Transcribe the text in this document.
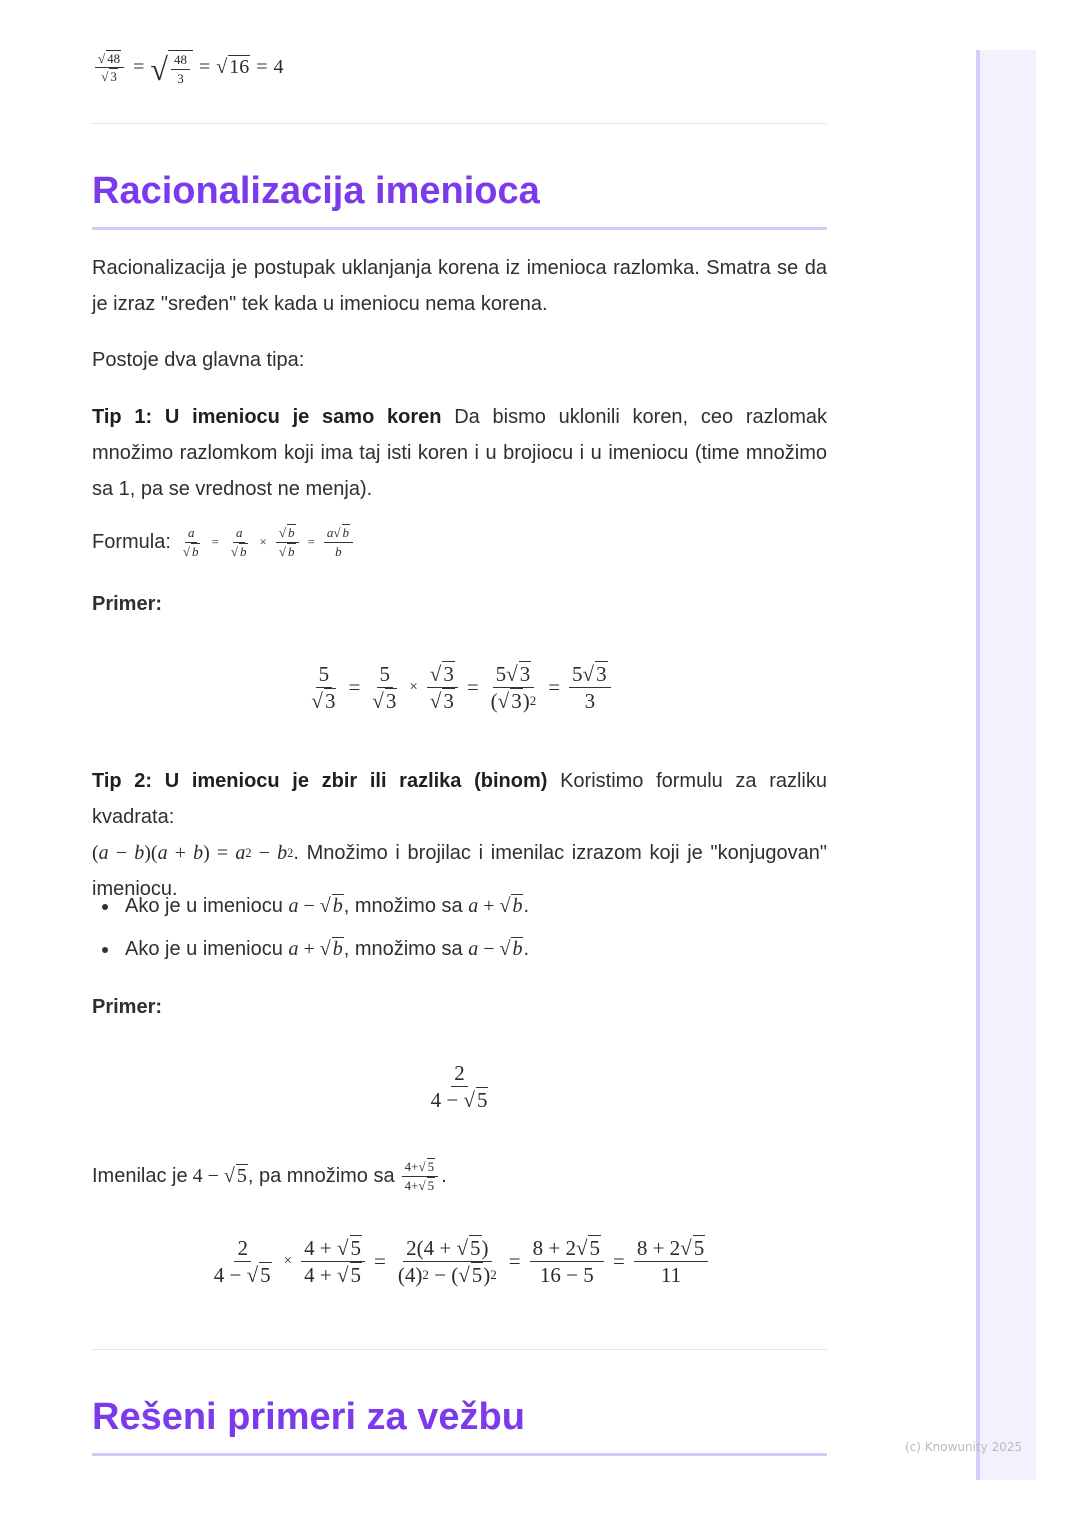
(c) Knowunity 2025
$\frac{√ 48}{√ 3}$ = √ $\frac{48}{3}$ = √ 16 = 4
Racionalizacija imenioca

Racionalizacija je postupak uklanjanja korena iz imenioca razlomka. Smatra se da je izraz "sređen" tek kada u imeniocu nema korena.

Postoje dva glavna tipa:

Tip 1: U imeniocu je samo koren Da bismo uklonili koren, ceo razlomak množimo razlomkom koji ima taj isti koren i u brojiocu i u imeniocu (time množimo sa 1, pa se vrednost ne menja).

Formula: $\frac{a}{√ b} = \frac{a}{√ b} \times \frac{√ b}{√ b} = \frac{a√ b}{b}$

Primer:

$\frac{5}{√3} = \frac{5}{√3} \times \frac{√3}{√3} = \frac{5√3}{(√3)^2} = \frac{5√3}{3}$

Tip 2: U imeniocu je zbir ili razlika (binom) Koristimo formulu za razliku kvadrata:
$(a - b)(a + b) = a^2 - b^2$. Množimo i brojilac i imenilac izrazom koji je "konjugovan" imeniocu.

Ako je u imeniocu a − √ b, množimo sa a + √ b.
Ako je u imeniocu a + √ b, množimo sa a − √ b.

Primer:

$\frac{2}{4 - √5}$
Imenilac je 4 − √ 5 , pa množimo sa $\frac{4+√ 5}{4+√ 5}$ .
$\frac{2}{4 - √5} \times \frac{4 + √5}{4 + √5} = \frac{2(4 + √5)}{(4)^2 - (√5)^2} = \frac{8 + 2√5}{16 - 5} = \frac{8 + 2√5}{11}$
Rešeni primeri za vežbu
